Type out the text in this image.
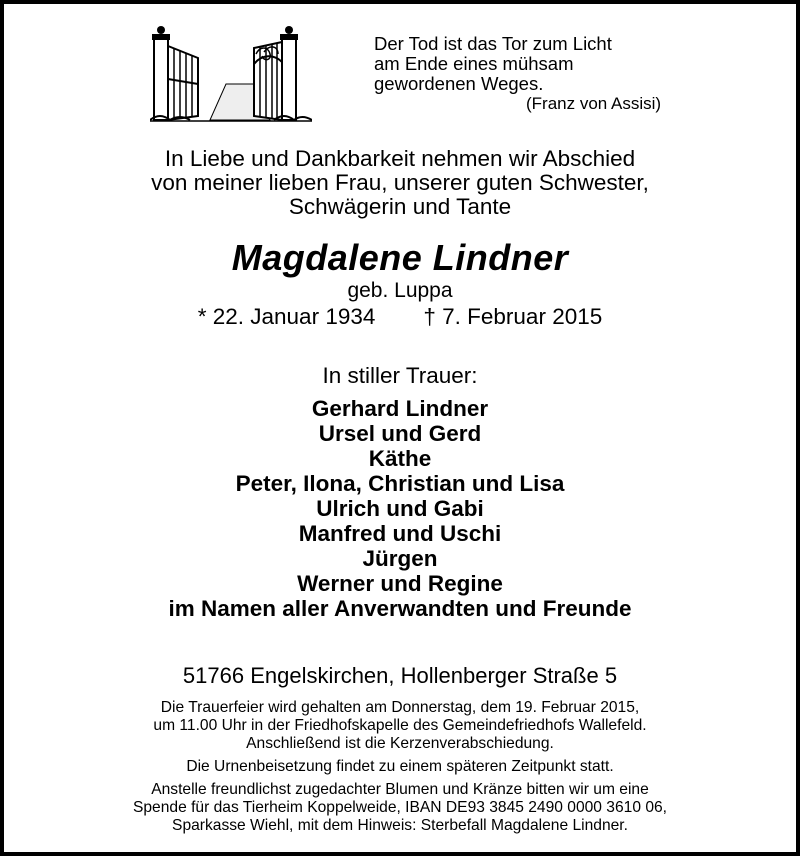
Der Tod ist das Tor zum Licht
am Ende eines mühsam
gewordenen Weges.
(Franz von Assisi)
In Liebe und Dankbarkeit nehmen wir Abschied
von meiner lieben Frau, unserer guten Schwester,
Schwägerin und Tante
Magdalene Lindner
geb. Luppa
* 22. Januar 1934 † 7. Februar 2015
In stiller Trauer:
Gerhard Lindner
Ursel und Gerd
Käthe
Peter, Ilona, Christian und Lisa
Ulrich und Gabi
Manfred und Uschi
Jürgen
Werner und Regine
im Namen aller Anverwandten und Freunde
51766 Engelskirchen, Hollenberger Straße 5
Die Trauerfeier wird gehalten am Donnerstag, dem 19. Februar 2015,
um 11.00 Uhr in der Friedhofskapelle des Gemeindefriedhofs Wallefeld.
Anschließend ist die Kerzenverabschiedung.
Die Urnenbeisetzung findet zu einem späteren Zeitpunkt statt.
Anstelle freundlichst zugedachter Blumen und Kränze bitten wir um eine
Spende für das Tierheim Koppelweide, IBAN DE93 3845 2490 0000 3610 06,
Sparkasse Wiehl, mit dem Hinweis: Sterbefall Magdalene Lindner.
